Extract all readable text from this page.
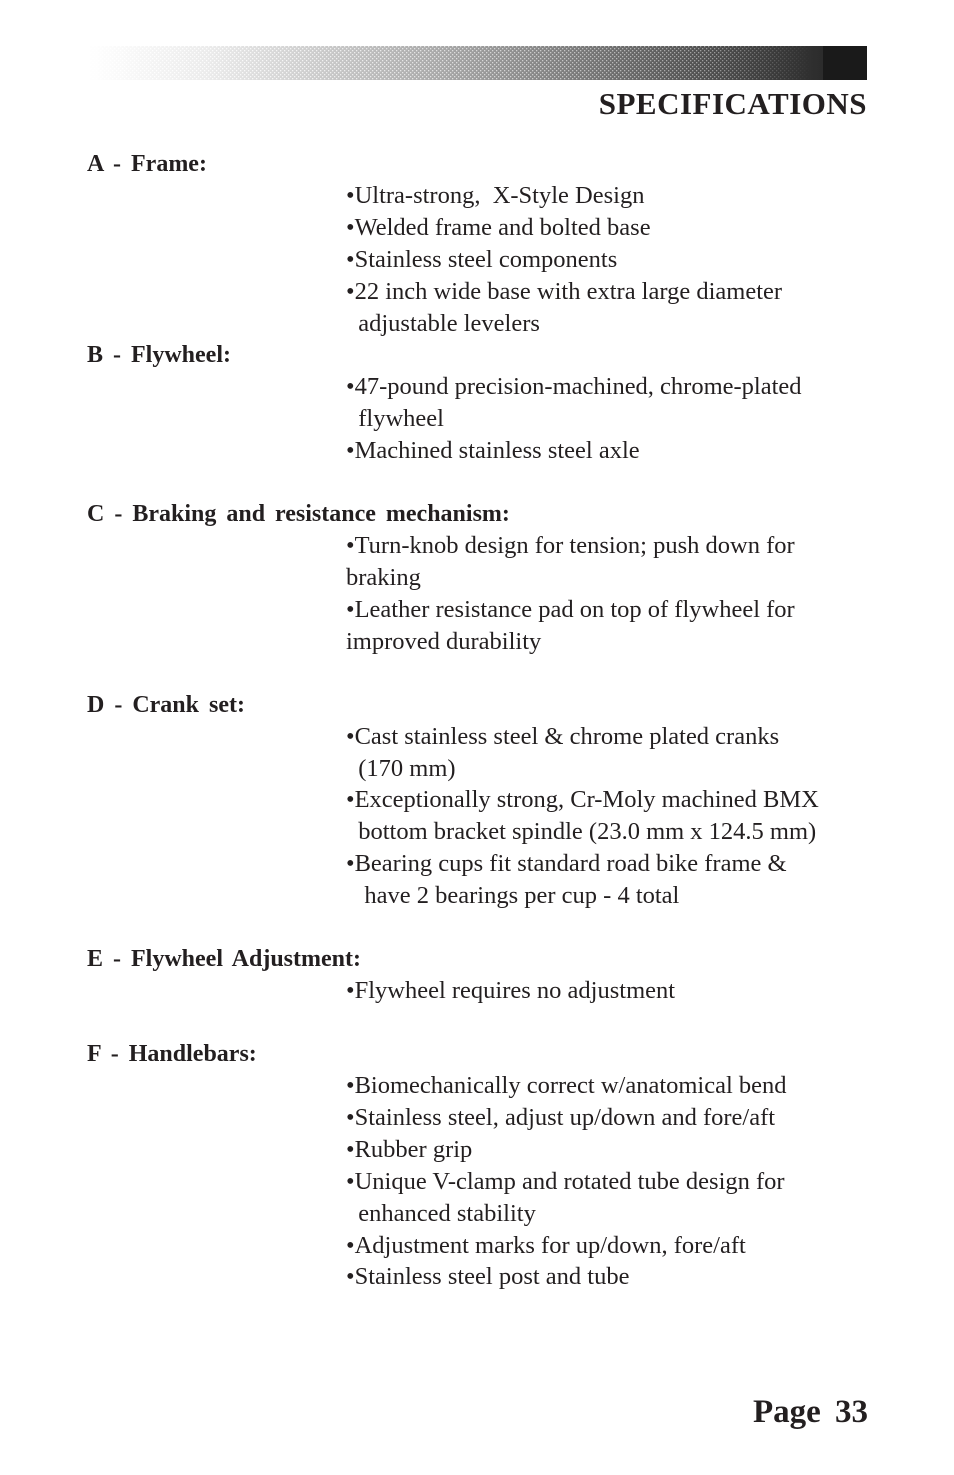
SPECIFICATIONS

A - Frame:

•Ultra-strong,  X-Style Design

•Welded frame and bolted base

•Stainless steel components

•22 inch wide base with extra large diameter
adjustable levelers

B - Flywheel:

•47-pound precision-machined, chrome-plated
flywheel

•Machined stainless steel axle

C - Braking and resistance mechanism:

•Turn-knob design for tension; push down for
braking

•Leather resistance pad on top of flywheel for
improved durability

D - Crank set:

•Cast stainless steel & chrome plated cranks
(170 mm)

•Exceptionally strong, Cr-Moly machined BMX
bottom bracket spindle (23.0 mm x 124.5 mm)

•Bearing cups fit standard road bike frame &
have 2 bearings per cup - 4 total

E - Flywheel Adjustment:

•Flywheel requires no adjustment

F - Handlebars:

•Biomechanically correct w/anatomical bend

•Stainless steel, adjust up/down and fore/aft

•Rubber grip

•Unique V-clamp and rotated tube design for
enhanced stability

•Adjustment marks for up/down, fore/aft

•Stainless steel post and tube

Page 33
